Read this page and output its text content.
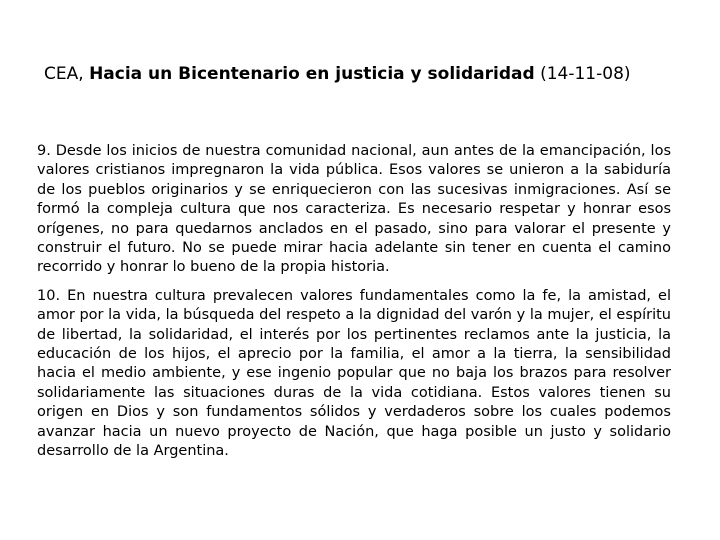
CEA, Hacia un Bicentenario en justicia y solidaridad (14-11-08)

9. Desde los inicios de nuestra comunidad nacional, aun antes de la emancipación, los valores cristianos impregnaron la vida pública. Esos valores se unieron a la sabiduría de los pueblos originarios y se enriquecieron con las sucesivas inmigraciones. Así se formó la compleja cultura que nos caracteriza. Es necesario respetar y honrar esos orígenes, no para quedarnos anclados en el pasado, sino para valorar el presente y construir el futuro. No se puede mirar hacia adelante sin tener en cuenta el camino recorrido y honrar lo bueno de la propia historia.

10. En nuestra cultura prevalecen valores fundamentales como la fe, la amistad, el amor por la vida, la búsqueda del respeto a la dignidad del varón y la mujer, el espíritu de libertad, la solidaridad, el interés por los pertinentes reclamos ante la justicia, la educación de los hijos, el aprecio por la familia, el amor a la tierra, la sensibilidad hacia el medio ambiente, y ese ingenio popular que no baja los brazos para resolver solidariamente las situaciones duras de la vida cotidiana. Estos valores tienen su origen en Dios y son fundamentos sólidos y verdaderos sobre los cuales podemos avanzar hacia un nuevo proyecto de Nación, que haga posible un justo y solidario desarrollo de la Argentina.
